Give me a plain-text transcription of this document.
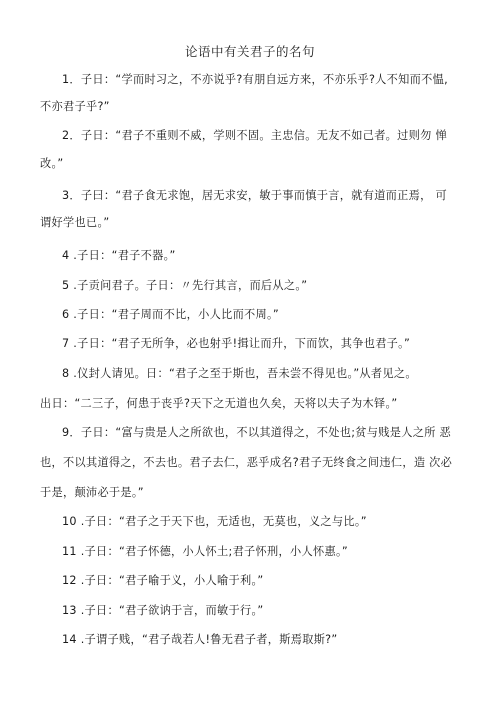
论语中有关君子的名句
1．子日：“学而时习之，不亦说乎?有朋自远方来，不亦乐乎?人不知而不愠,
不亦君子乎?”
2．子日：“君子不重则不威，学则不固。主忠信。无友不如己者。过则勿 惮
改。”
3．子曰：“君子食无求饱，居无求安，敏于事而慎于言，就有道而正焉， 可
谓好学也已。”
4 .子日：“君子不器。”
5 .子贡问君子。子日：〃先行其言，而后从之。”
6 .子日：“君子周而不比，小人比而不周。”
7 .子日：“君子无所争，必也射乎!揖让而升，下而饮，其争也君子。”
8 .仪封人请见。日：“君子之至于斯也，吾未尝不得见也。”从者见之。
出日：“二三子，何患于丧乎?天下之无道也久矣，天将以夫子为木铎。”
9．子日：“富与贵是人之所欲也，不以其道得之，不处也;贫与贱是人之所 恶
也，不以其道得之，不去也。君子去仁，恶乎成名?君子无终食之间违仁，造 次必
于是，颠沛必于是。”
10 .子日：“君子之于天下也，无适也，无莫也，义之与比。”
11 .子日：“君子怀德，小人怀土;君子怀刑，小人怀惠。”
12 .子日：“君子喻于义，小人喻于利。”
13 .子日：“君子欲讷于言，而敏于行。”
14 .子谓子贱，“君子哉若人!鲁无君子者，斯焉取斯?”
